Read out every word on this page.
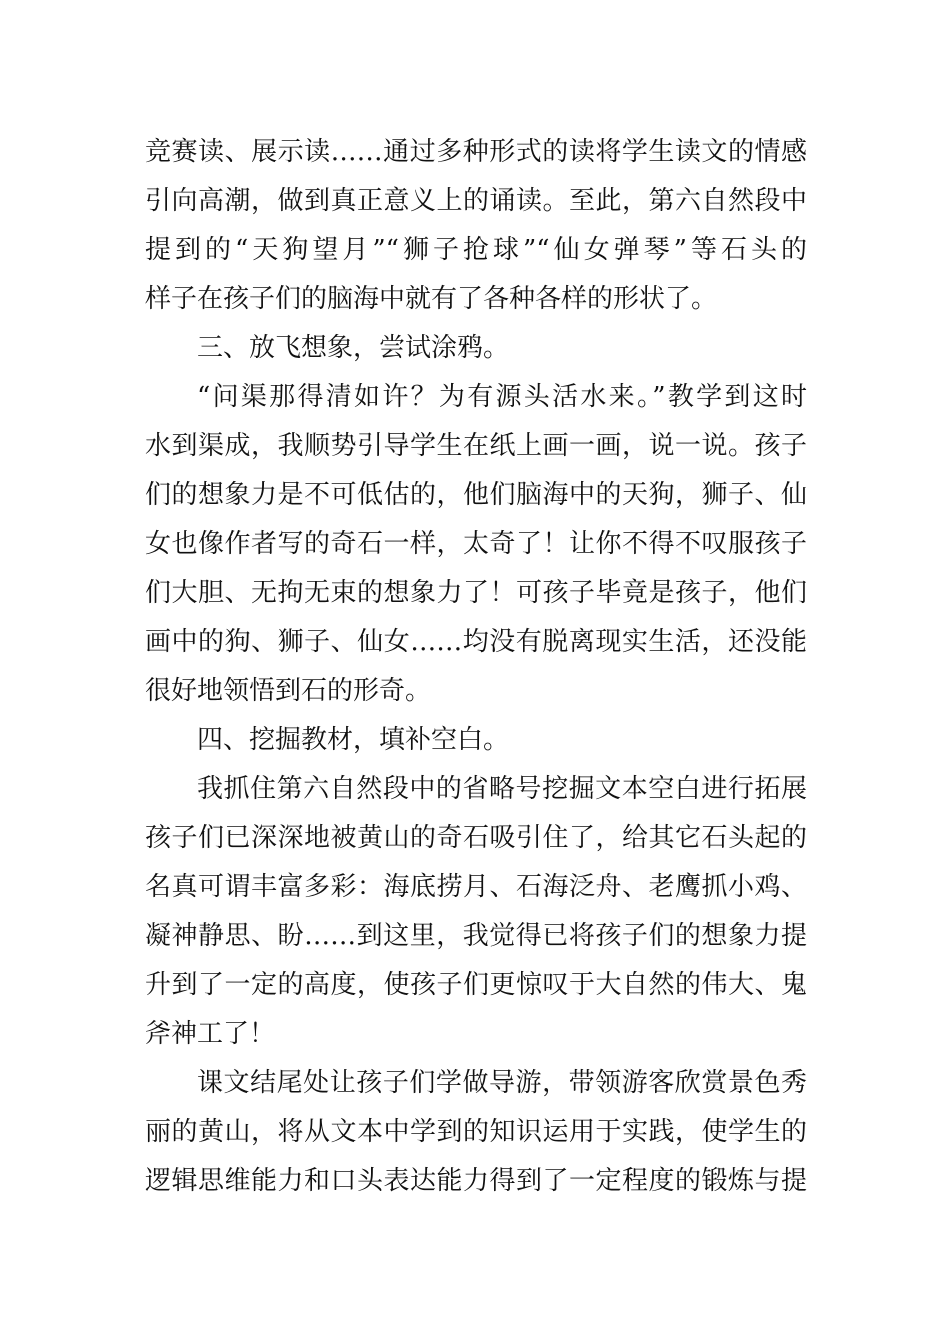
竞赛读、展示读……通过多种形式的读将学生读文的情感
引向高潮，做到真正意义上的诵读。至此，第六自然段中
提到的“天狗望月”“狮子抢球”“仙女弹琴”等石头的
样子在孩子们的脑海中就有了各种各样的形状了。
三、放飞想象，尝试涂鸦。
“问渠那得清如许？为有源头活水来。”教学到这时
水到渠成，我顺势引导学生在纸上画一画，说一说。孩子
们的想象力是不可低估的，他们脑海中的天狗，狮子、仙
女也像作者写的奇石一样，太奇了！让你不得不叹服孩子
们大胆、无拘无束的想象力了！可孩子毕竟是孩子，他们
画中的狗、狮子、仙女……均没有脱离现实生活，还没能
很好地领悟到石的形奇。
四、挖掘教材，填补空白。
我抓住第六自然段中的省略号挖掘文本空白进行拓展
孩子们已深深地被黄山的奇石吸引住了，给其它石头起的
名真可谓丰富多彩：海底捞月、石海泛舟、老鹰抓小鸡、
凝神静思、盼……到这里，我觉得已将孩子们的想象力提
升到了一定的高度，使孩子们更惊叹于大自然的伟大、鬼
斧神工了！
课文结尾处让孩子们学做导游，带领游客欣赏景色秀
丽的黄山，将从文本中学到的知识运用于实践，使学生的
逻辑思维能力和口头表达能力得到了一定程度的锻炼与提
